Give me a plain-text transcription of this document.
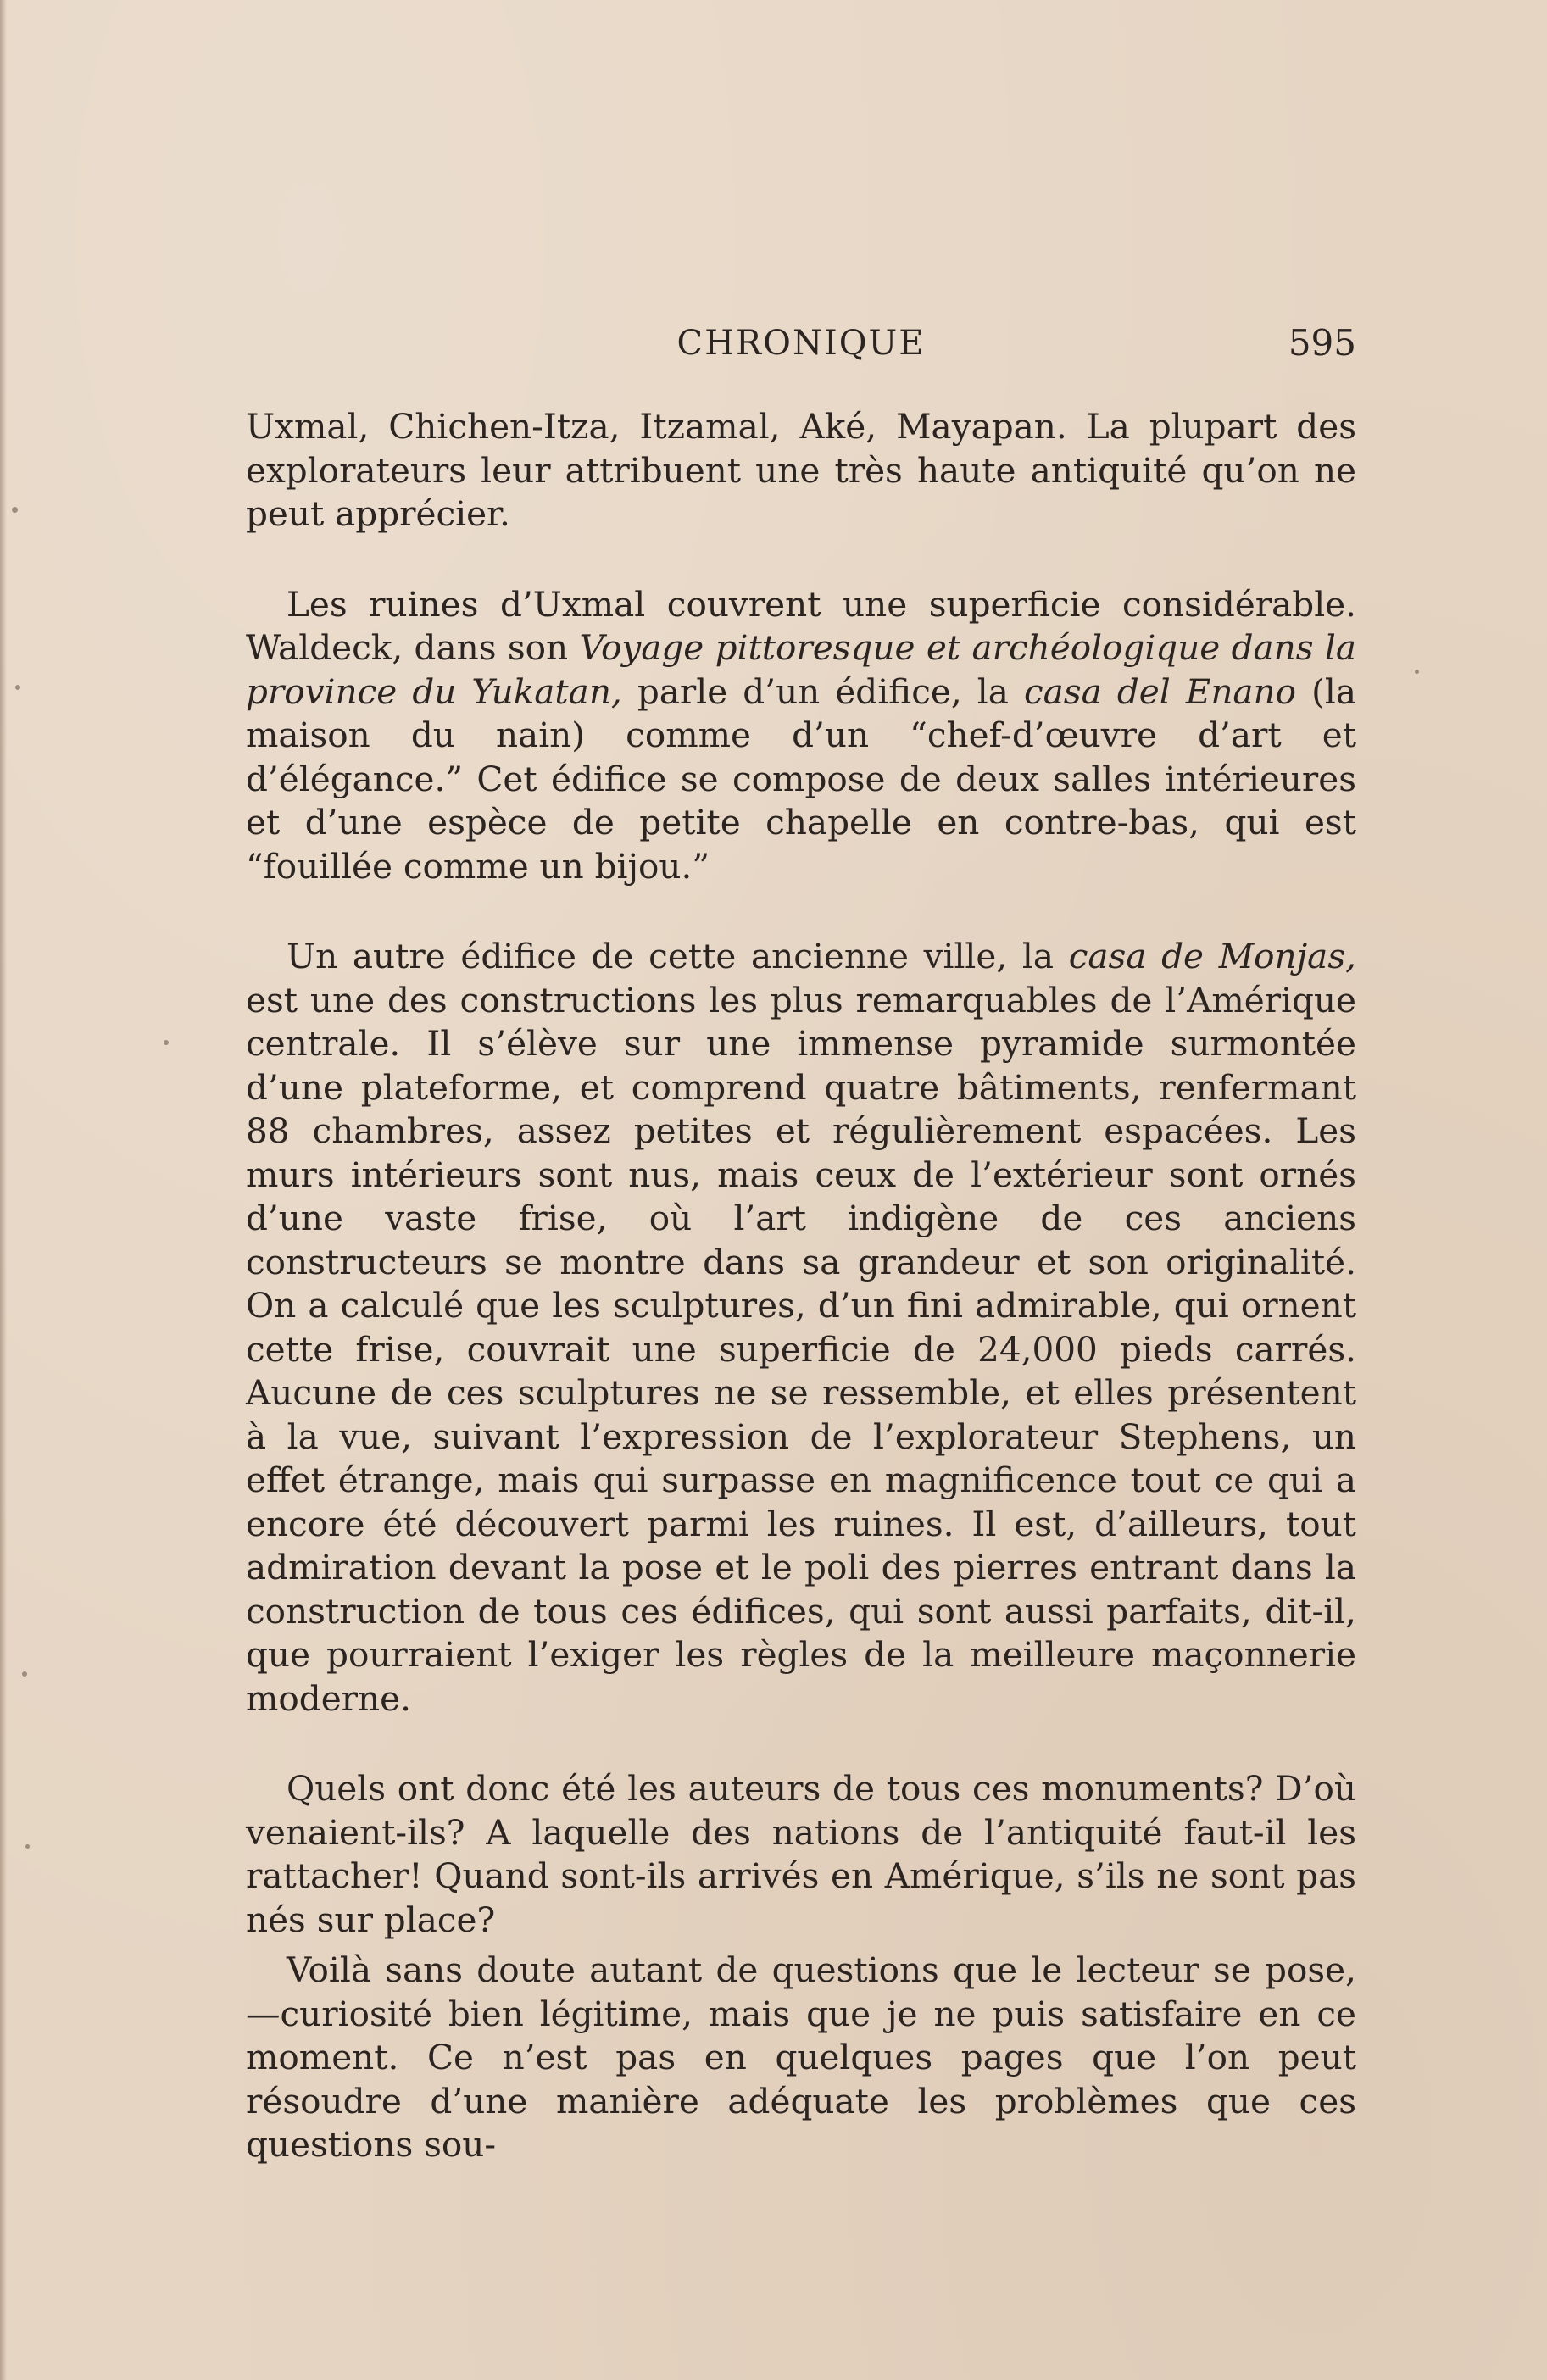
CHRONIQUE	595

Uxmal, Chichen-Itza, Itzamal, Aké, Mayapan. La plupart des explorateurs leur attribuent une très haute antiquité qu’on ne peut apprécier.

Les ruines d’Uxmal couvrent une superficie considérable. Waldeck, dans son Voyage pittoresque et archéologique dans la province du Yukatan, parle d’un édifice, la casa del Enano (la maison du nain) comme d’un “chef-d’œuvre d’art et d’élégance.” Cet édifice se compose de deux salles intérieures et d’une espèce de petite chapelle en contre-bas, qui est “fouillée comme un bijou.”

Un autre édifice de cette ancienne ville, la casa de Monjas, est une des constructions les plus remarquables de l’Amérique centrale. Il s’élève sur une immense pyramide surmontée d’une plateforme, et comprend quatre bâtiments, renfermant 88 chambres, assez petites et régulièrement espacées. Les murs intérieurs sont nus, mais ceux de l’extérieur sont ornés d’une vaste frise, où l’art indigène de ces anciens constructeurs se montre dans sa grandeur et son originalité. On a calculé que les sculptures, d’un fini admirable, qui ornent cette frise, couvrait une superficie de 24,000 pieds carrés. Aucune de ces sculptures ne se ressemble, et elles présentent à la vue, suivant l’expression de l’explorateur Stephens, un effet étrange, mais qui surpasse en magnificence tout ce qui a encore été découvert parmi les ruines. Il est, d’ailleurs, tout admiration devant la pose et le poli des pierres entrant dans la construction de tous ces édifices, qui sont aussi parfaits, dit-il, que pourraient l’exiger les règles de la meilleure maçonnerie moderne.

Quels ont donc été les auteurs de tous ces monuments? D’où venaient-ils? A laquelle des nations de l’antiquité faut-il les rattacher! Quand sont-ils arrivés en Amérique, s’ils ne sont pas nés sur place?

Voilà sans doute autant de questions que le lecteur se pose,—curiosité bien légitime, mais que je ne puis satisfaire en ce moment. Ce n’est pas en quelques pages que l’on peut résoudre d’une manière adéquate les problèmes que ces questions sou-
